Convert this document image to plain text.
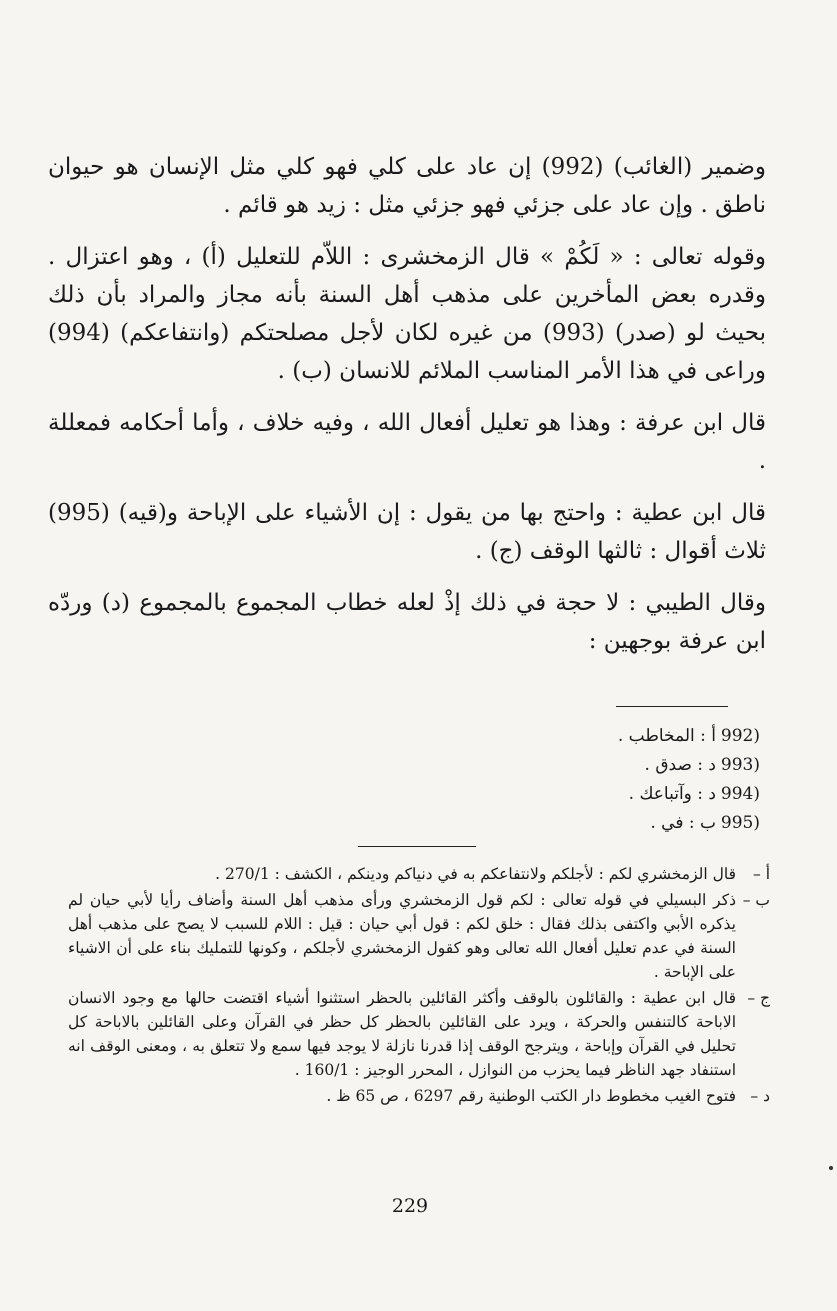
وضمير (الغائب) (992) إن عاد على كلي فهو كلي مثل الإنسان هو حيوان ناطق . وإن عاد على جزئي فهو جزئي مثل : زيد هو قائم .

وقوله تعالى : « لَكُمْ » قال الزمخشرى : اللاّم للتعليل (أ) ، وهو اعتزال . وقدره بعض المأخرين على مذهب أهل السنة بأنه مجاز والمراد بأن ذلك بحيث لو (صدر) (993) من غيره لكان لأجل مصلحتكم (وانتفاعكم) (994) وراعى في هذا الأمر المناسب الملائم للانسان (ب) .

قال ابن عرفة : وهذا هو تعليل أفعال الله ، وفيه خلاف ، وأما أحكامه فمعللة .

قال ابن عطية : واحتج بها من يقول : إن الأشياء على الإباحة و(قيه) (995) ثلاث أقوال : ثالثها الوقف (ج) .

وقال الطيبي : لا حجة في ذلك إذْ لعله خطاب المجموع بالمجموع (د) وردّه ابن عرفة بوجهين :

(992
أ : المخاطب .
(993
د : صدق .
(994
د : وآتباعك .
(995
ب : في .
أ –
قال الزمخشري لكم : لأجلكم ولانتفاعكم به في دنياكم ودينكم ، الكشف : 270/1 .
ب –
ذكر البسيلي في قوله تعالى : لكم قول الزمخشري ورأى مذهب أهل السنة وأضاف رأيا لأبي حيان لم يذكره الأبي واكتفى بذلك فقال : خلق لكم : قول أبي حيان : قيل : اللام للسبب لا يصح على مذهب أهل السنة في عدم تعليل أفعال الله تعالى وهو كقول الزمخشري لأجلكم ، وكونها للتمليك بناء على أن الاشياء على الإباحة .
ج –
قال ابن عطية : والقائلون بالوقف وأكثر القائلين بالحظر استثنوا أشياء اقتضت حالها مع وجود الانسان الاباحة كالتنفس والحركة ، ويرد على القائلين بالحظر كل حظر في القرآن وعلى القائلين بالاباحة كل تحليل في القرآن وإباحة ، ويترجح الوقف إذا قدرنا نازلة لا يوجد فيها سمع ولا تتعلق به ، ومعنى الوقف انه استنفاد جهد الناظر فيما يحزب من النوازل ، المحرر الوجيز : 160/1 .
د –
فتوح الغيب مخطوط دار الكتب الوطنية رقم 6297 ، ص 65 ظ .
229
